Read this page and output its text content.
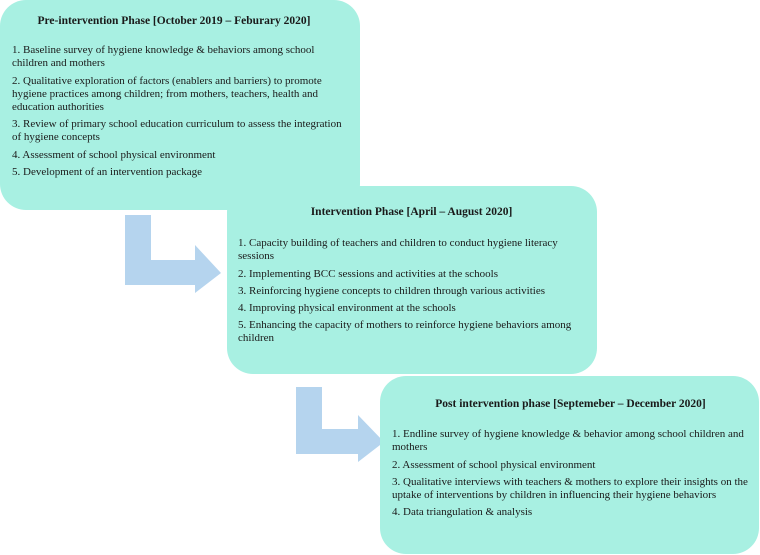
Pre-intervention Phase [October 2019 – Feburary 2020]
1. Baseline survey of hygiene knowledge & behaviors among school children and mothers
2. Qualitative exploration of factors (enablers and barriers) to promote hygiene practices among children; from mothers, teachers, health and education authorities
3. Review of primary school education curriculum to assess the integration of hygiene concepts
4. Assessment of school physical environment
5. Development of an intervention package
Intervention Phase [April – August 2020]
1. Capacity building of teachers and children to conduct hygiene literacy sessions
2. Implementing BCC sessions and activities at the schools
3. Reinforcing hygiene concepts to children through various activities
4. Improving physical environment at the schools
5. Enhancing the capacity of mothers to reinforce hygiene behaviors among children
Post intervention phase [Septemeber – December 2020]
1. Endline survey of hygiene knowledge & behavior among school children and mothers
2. Assessment of school physical environment
3. Qualitative interviews with teachers & mothers to explore their insights on the uptake of interventions by children in influencing their hygiene behaviors
4. Data triangulation & analysis
